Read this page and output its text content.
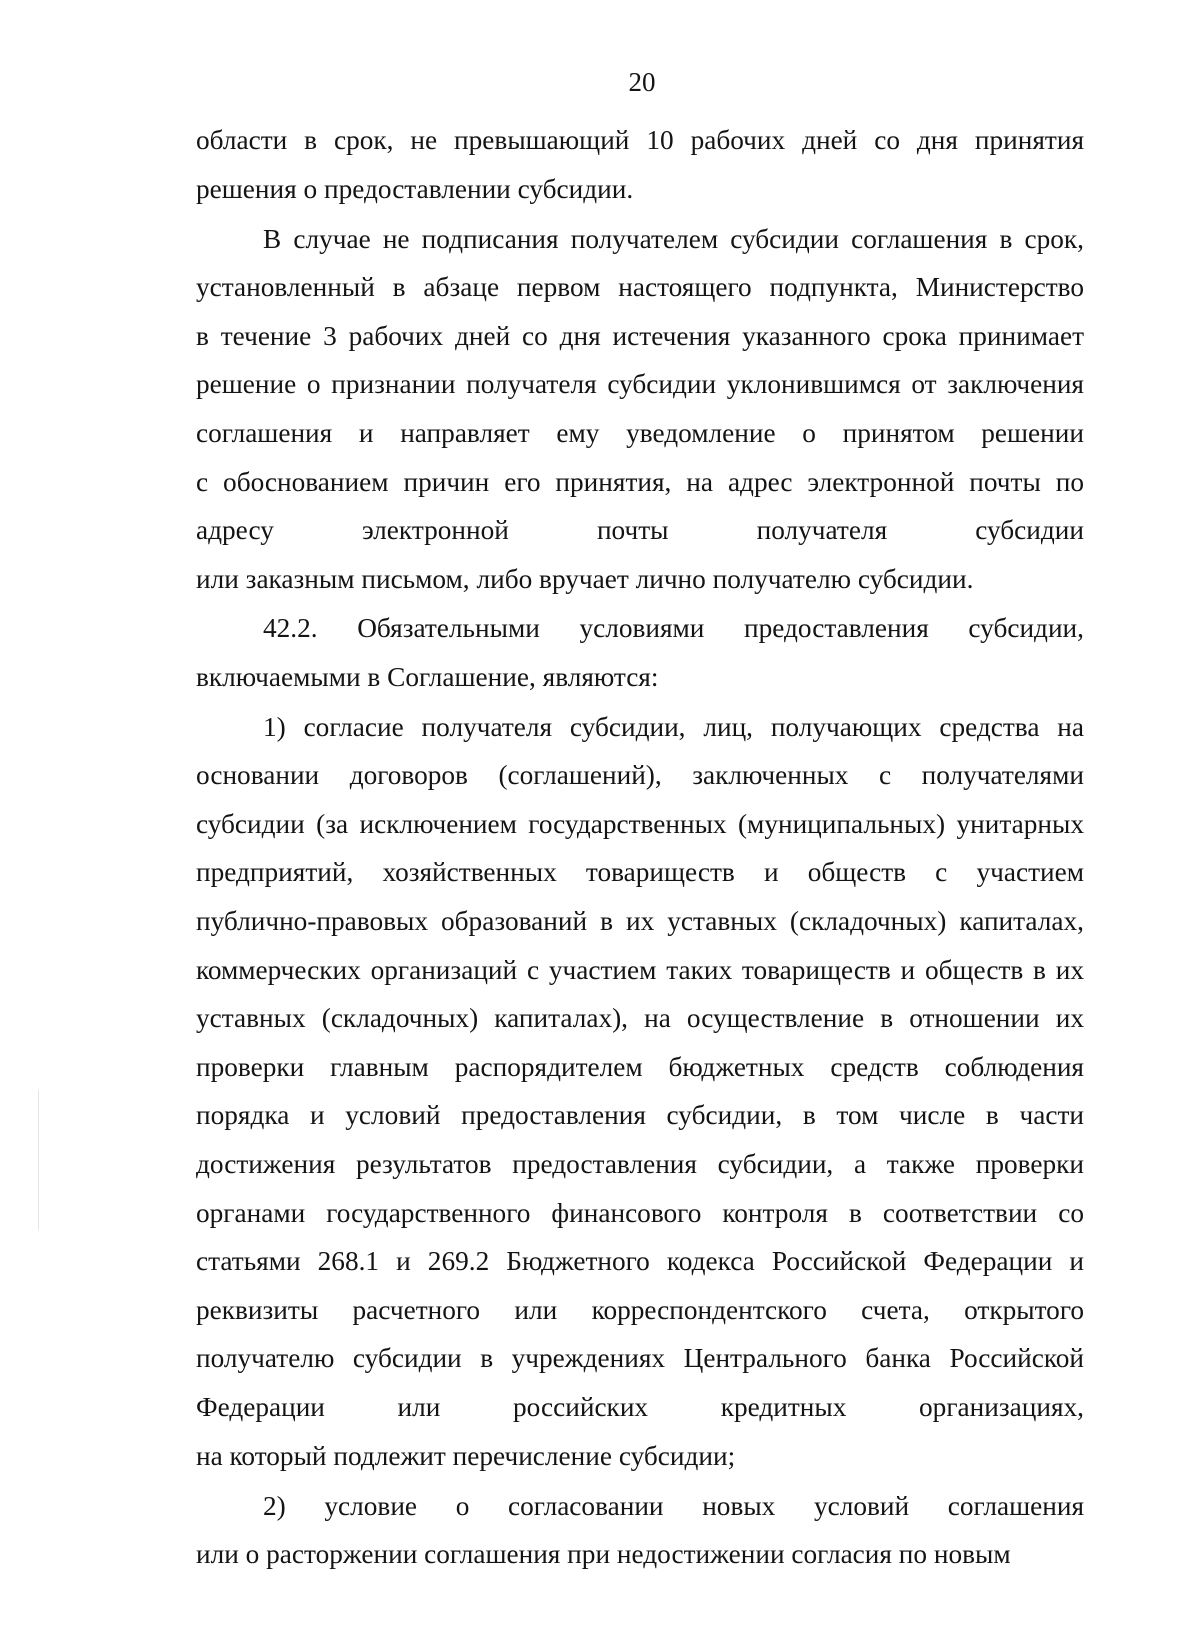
20

области в срок, не превышающий 10 рабочих дней со дня принятия
решения о предоставлении субсидии.

В случае не подписания получателем субсидии соглашения в срок,
установленный в абзаце первом настоящего подпункта, Министерство
в течение 3 рабочих дней со дня истечения указанного срока принимает
решение о признании получателя субсидии уклонившимся от заключения
соглашения и направляет ему уведомление о принятом решении
с обоснованием причин его принятия, на адрес электронной почты по
адресу электронной почты получателя субсидии
или заказным письмом, либо вручает лично получателю субсидии.

42.2. Обязательными условиями предоставления субсидии,
включаемыми в Соглашение, являются:

1) согласие получателя субсидии, лиц, получающих средства на
основании договоров (соглашений), заключенных с получателями
субсидии (за исключением государственных (муниципальных) унитарных
предприятий, хозяйственных товариществ и обществ с участием
публично-правовых образований в их уставных (складочных) капиталах,
коммерческих организаций с участием таких товариществ и обществ в их
уставных (складочных) капиталах), на осуществление в отношении их
проверки главным распорядителем бюджетных средств соблюдения
порядка и условий предоставления субсидии, в том числе в части
достижения результатов предоставления субсидии, а также проверки
органами государственного финансового контроля в соответствии со
статьями 268.1 и 269.2 Бюджетного кодекса Российской Федерации и
реквизиты расчетного или корреспондентского счета, открытого
получателю субсидии в учреждениях Центрального банка Российской
Федерации или российских кредитных организациях,
на который подлежит перечисление субсидии;

2) условие о согласовании новых условий соглашения
или о расторжении соглашения при недостижении согласия по новым
